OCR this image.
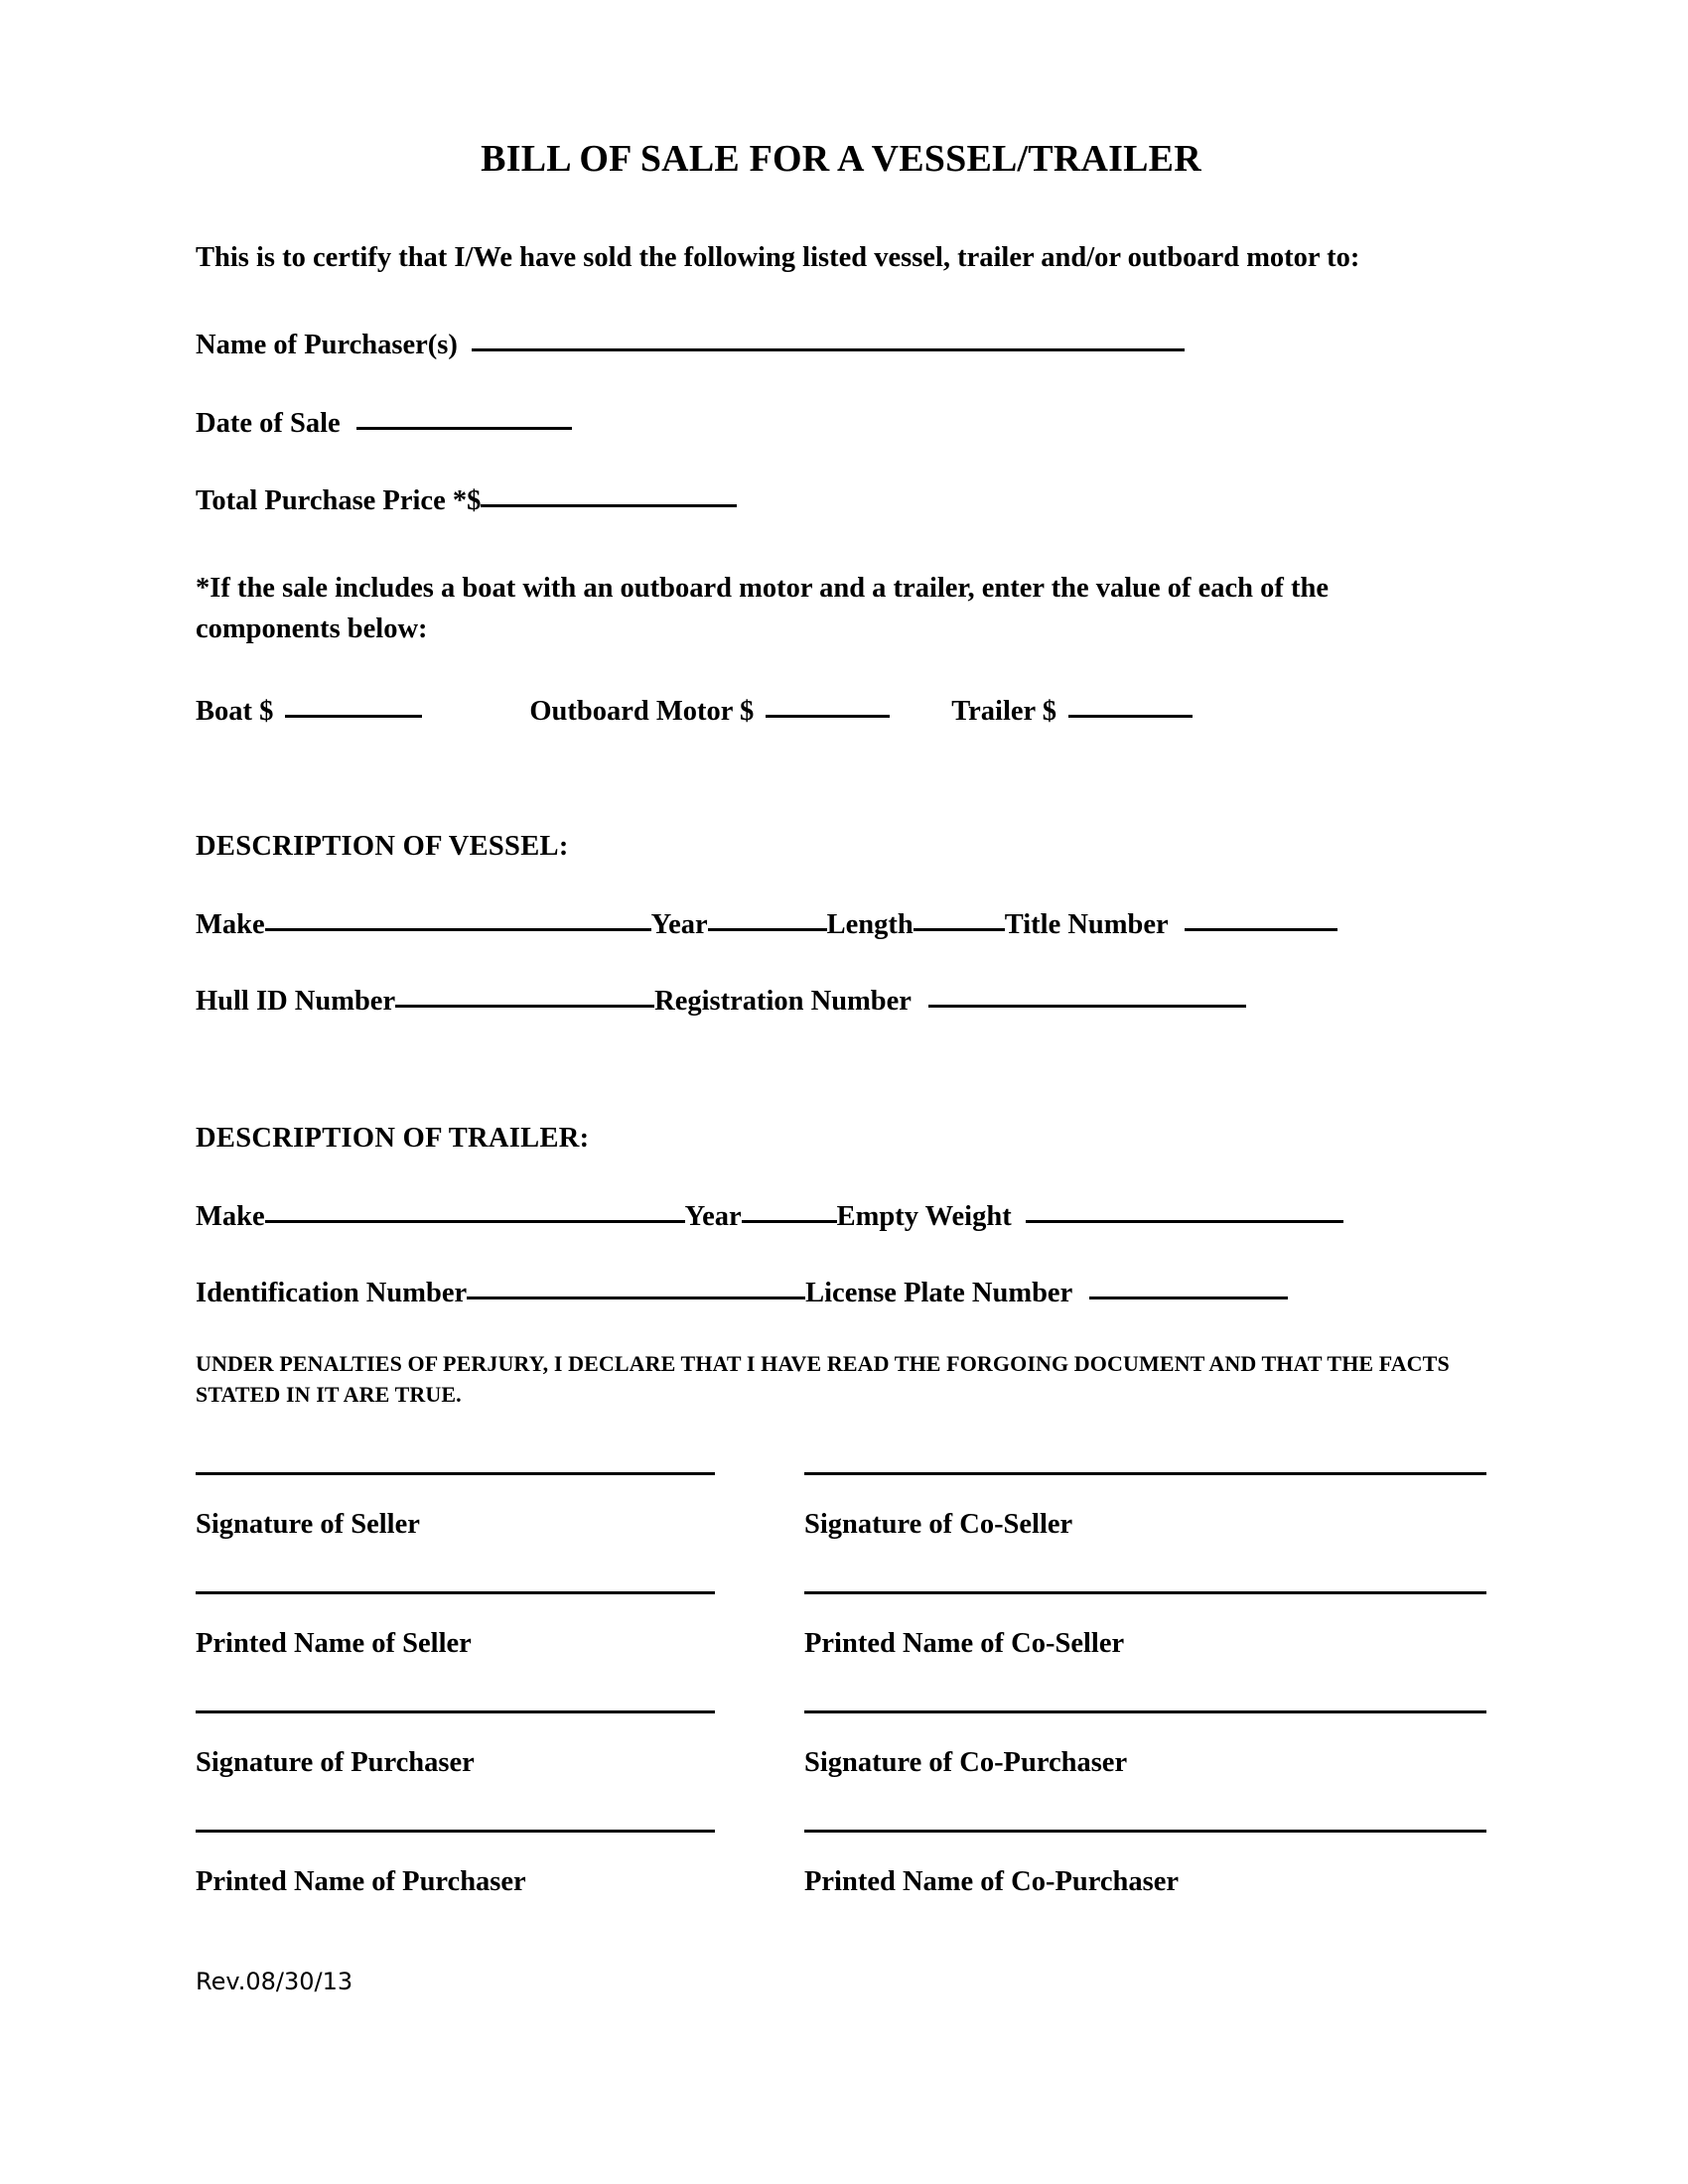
BILL OF SALE FOR A VESSEL/TRAILER
This is to certify that I/We have sold the following listed vessel, trailer and/or outboard motor to:
Name of Purchaser(s)
Date of Sale
Total Purchase Price *$
*If the sale includes a boat with an outboard motor and a trailer, enter the value of each of the components below:
Boat $	Outboard Motor $	Trailer $
DESCRIPTION OF VESSEL:
Make	Year	Length	Title Number
Hull ID Number	Registration Number
DESCRIPTION OF TRAILER:
Make	Year	Empty Weight
Identification Number	License Plate Number
UNDER PENALTIES OF PERJURY, I DECLARE THAT I HAVE READ THE FORGOING DOCUMENT AND THAT THE FACTS STATED IN IT ARE TRUE.
Signature of Seller	Signature of Co-Seller
Printed Name of Seller	Printed Name of Co-Seller
Signature of Purchaser	Signature of Co-Purchaser
Printed Name of Purchaser	Printed Name of Co-Purchaser
Rev.08/30/13
